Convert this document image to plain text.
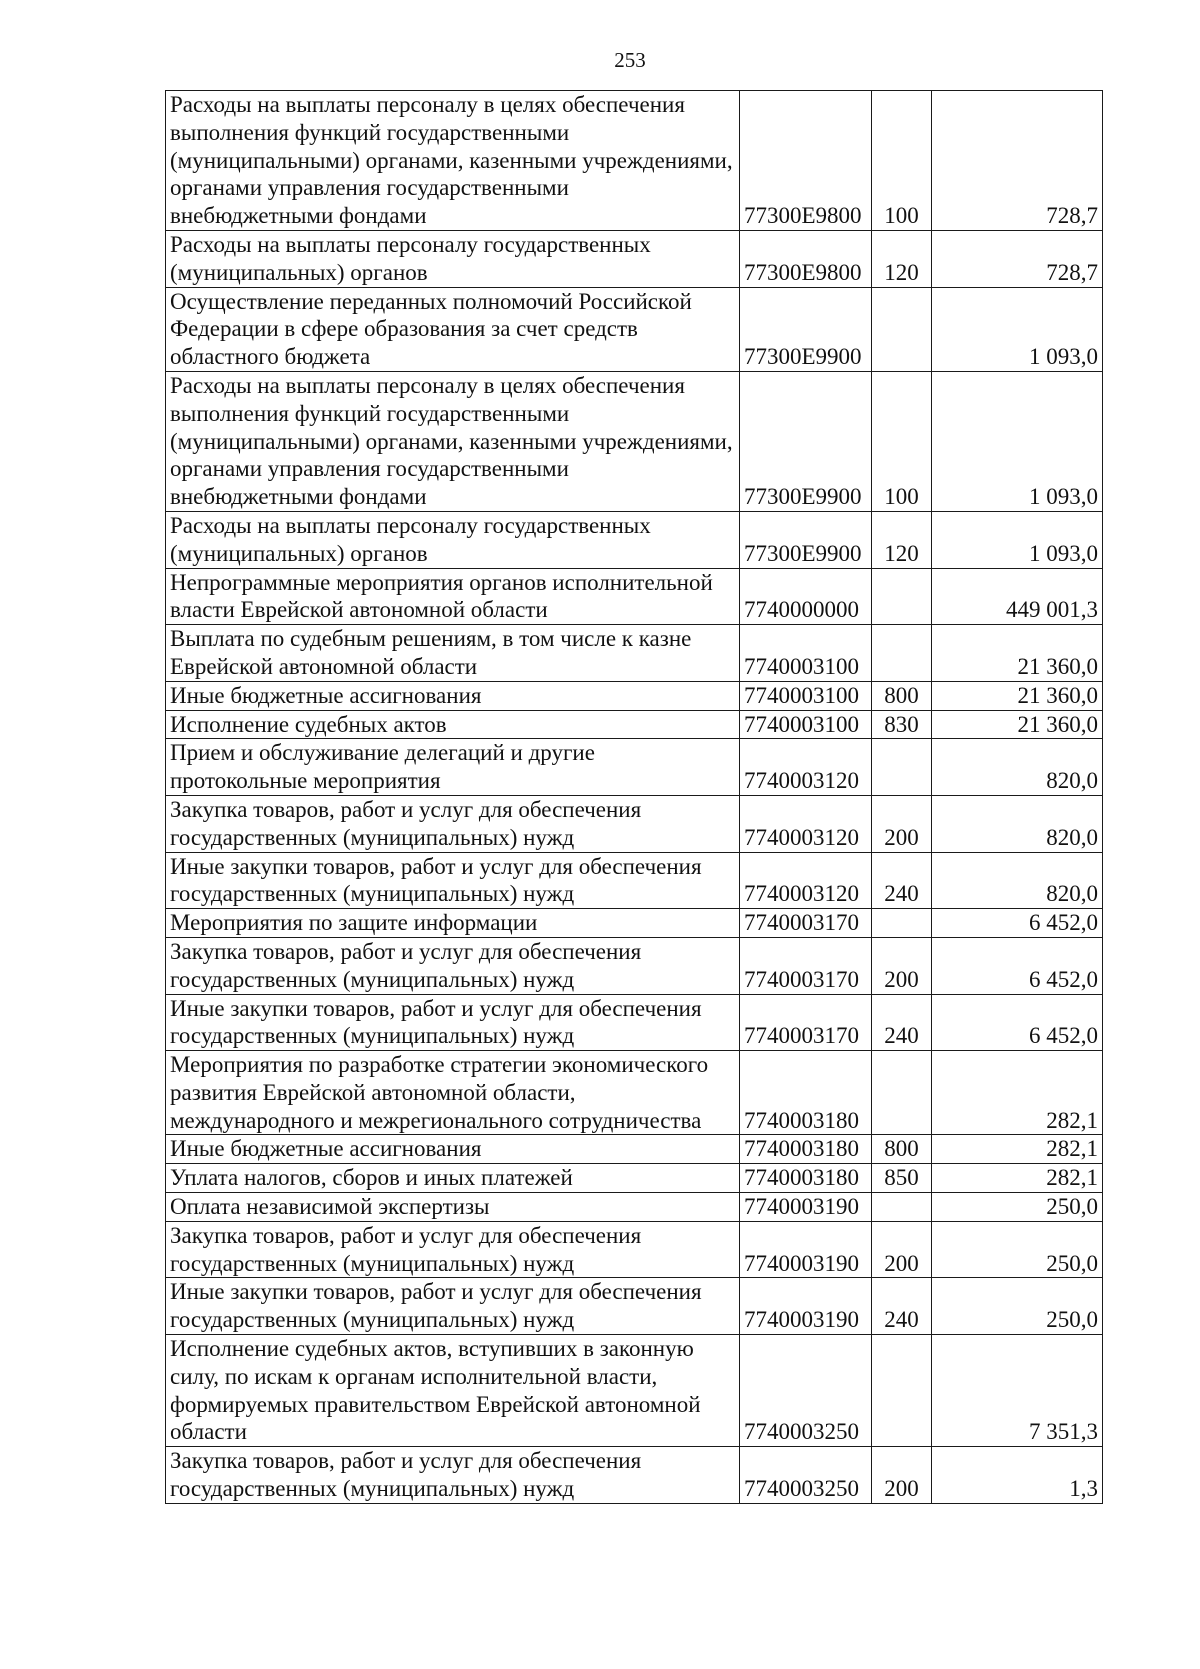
253
Расходы на выплаты персоналу в целях обеспечения выполнения функций государственными (муниципальными) органами, казенными учреждениями, органами управления государственными внебюджетными фондами	77300E9800	100	728,7
Расходы на выплаты персоналу государственных (муниципальных) органов	77300E9800	120	728,7
Осуществление переданных полномочий Российской Федерации в сфере образования за счет средств областного бюджета	77300E9900		1 093,0
Расходы на выплаты персоналу в целях обеспечения выполнения функций государственными (муниципальными) органами, казенными учреждениями, органами управления государственными внебюджетными фондами	77300E9900	100	1 093,0
Расходы на выплаты персоналу государственных (муниципальных) органов	77300E9900	120	1 093,0
Непрограммные мероприятия органов исполнительной власти Еврейской автономной области	7740000000		449 001,3
Выплата по судебным решениям, в том числе к казне Еврейской автономной области	7740003100		21 360,0
Иные бюджетные ассигнования	7740003100	800	21 360,0
Исполнение судебных актов	7740003100	830	21 360,0
Прием и обслуживание делегаций и другие протокольные мероприятия	7740003120		820,0
Закупка товаров, работ и услуг для обеспечения государственных (муниципальных) нужд	7740003120	200	820,0
Иные закупки товаров, работ и услуг для обеспечения государственных (муниципальных) нужд	7740003120	240	820,0
Мероприятия по защите информации	7740003170		6 452,0
Закупка товаров, работ и услуг для обеспечения государственных (муниципальных) нужд	7740003170	200	6 452,0
Иные закупки товаров, работ и услуг для обеспечения государственных (муниципальных) нужд	7740003170	240	6 452,0
Мероприятия по разработке стратегии экономического развития Еврейской автономной области, международного и межрегионального сотрудничества	7740003180		282,1
Иные бюджетные ассигнования	7740003180	800	282,1
Уплата налогов, сборов и иных платежей	7740003180	850	282,1
Оплата независимой экспертизы	7740003190		250,0
Закупка товаров, работ и услуг для обеспечения государственных (муниципальных) нужд	7740003190	200	250,0
Иные закупки товаров, работ и услуг для обеспечения государственных (муниципальных) нужд	7740003190	240	250,0
Исполнение судебных актов, вступивших в законную силу, по искам к органам исполнительной власти, формируемых правительством Еврейской автономной области	7740003250		7 351,3
Закупка товаров, работ и услуг для обеспечения государственных (муниципальных) нужд	7740003250	200	1,3
